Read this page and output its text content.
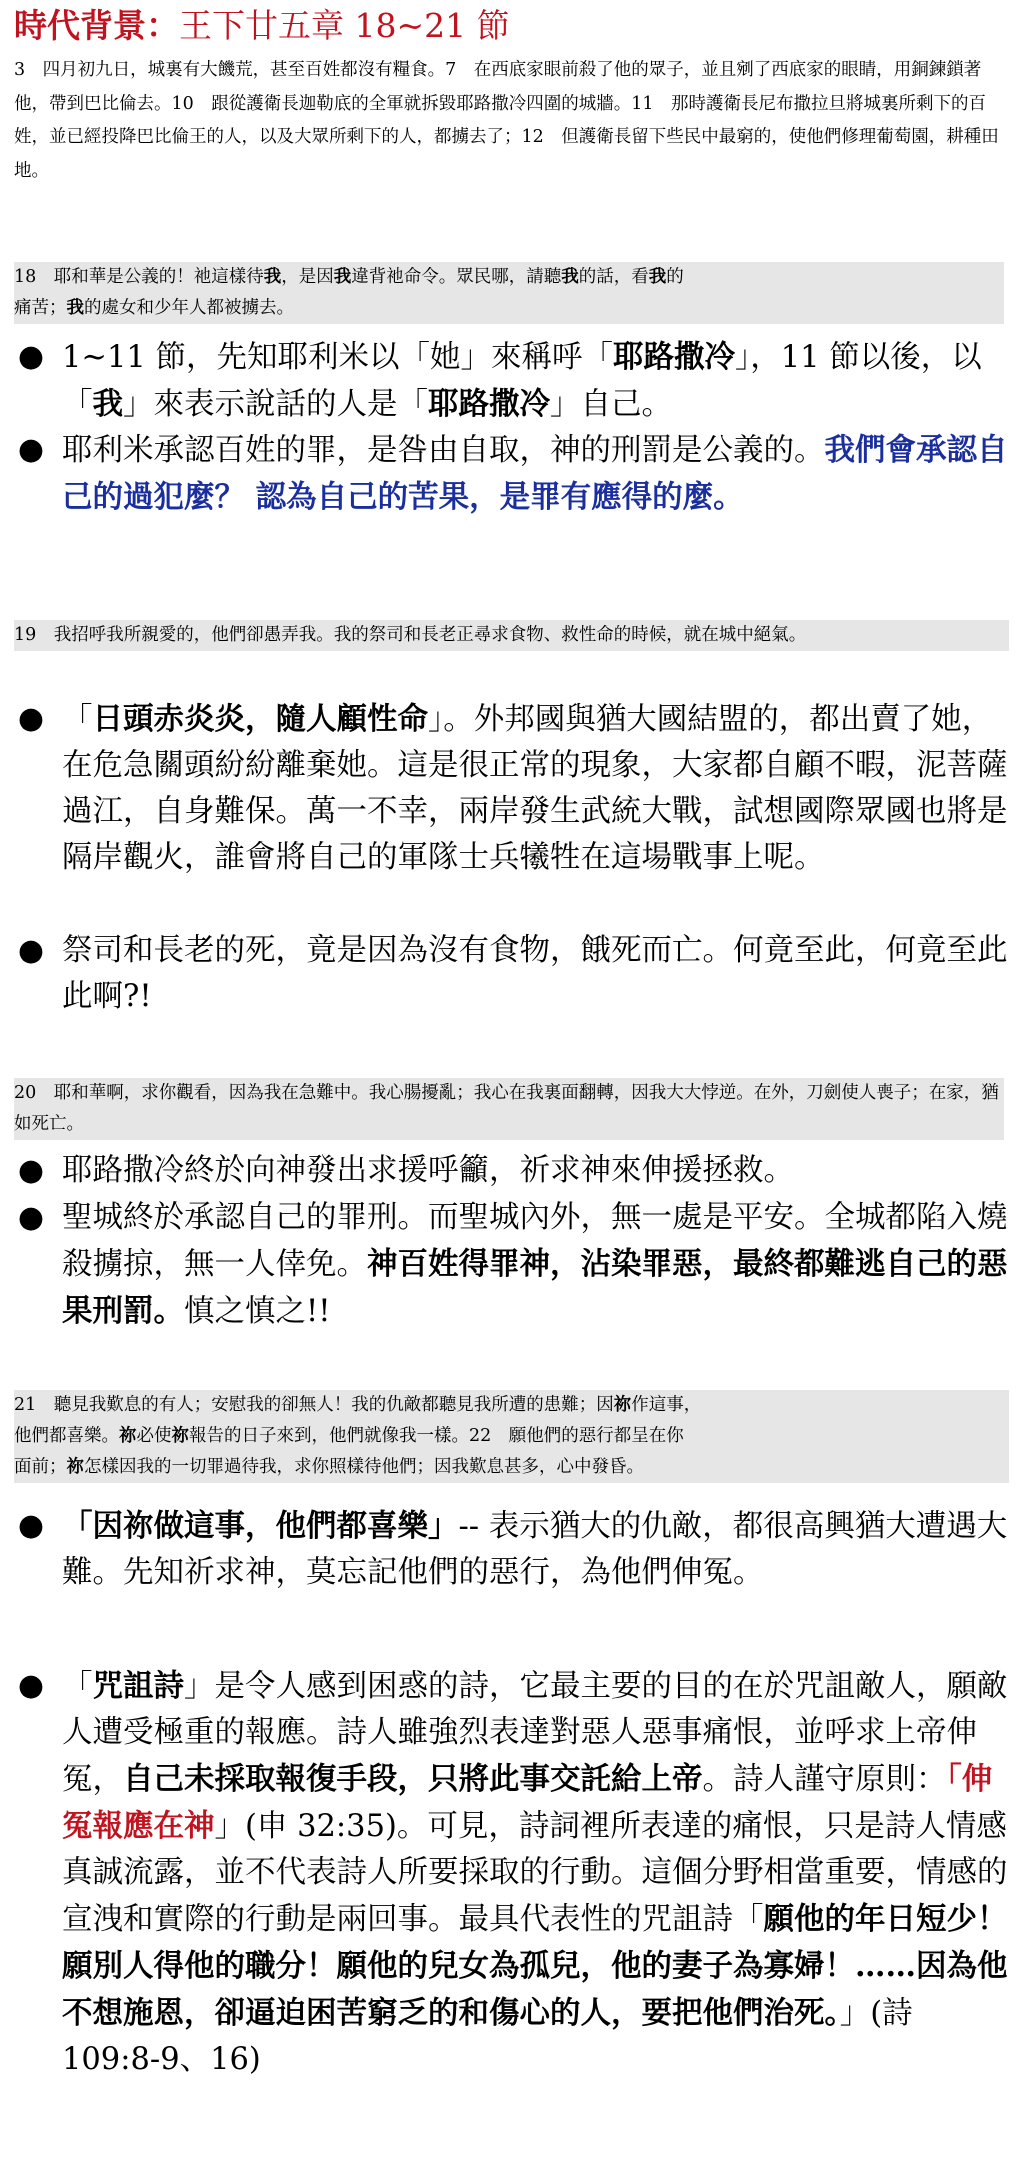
時代背景：王下廿五章 18~21 節
3　四月初九日，城裏有大饑荒，甚至百姓都沒有糧食。7　在西底家眼前殺了他的眾子，並且剜了西底家的眼睛，用銅鍊鎖著他，帶到巴比倫去。10　跟從護衛長迦勒底的全軍就拆毀耶路撒冷四圍的城牆。11　那時護衛長尼布撒拉旦將城裏所剩下的百姓，並已經投降巴比倫王的人，以及大眾所剩下的人，都擄去了；12　但護衛長留下些民中最窮的，使他們修理葡萄園，耕種田地。
18　耶和華是公義的！祂這樣待我，是因我違背祂命令。眾民哪，請聽我的話，看我的
痛苦；我的處女和少年人都被擄去。
● 1~11 節，先知耶利米以「她」來稱呼「耶路撒冷」，11 節以後，以「我」來表示說話的人是「耶路撒冷」自己。
● 耶利米承認百姓的罪，是咎由自取，神的刑罰是公義的。我們會承認自己的過犯麼？ 認為自己的苦果，是罪有應得的麼。
19　我招呼我所親愛的，他們卻愚弄我。我的祭司和長老正尋求食物、救性命的時候，就在城中絕氣。
● 「日頭赤炎炎，隨人顧性命」。外邦國與猶大國結盟的，都出賣了她，在危急關頭紛紛離棄她。這是很正常的現象，大家都自顧不暇，泥菩薩過江，自身難保。萬一不幸，兩岸發生武統大戰，試想國際眾國也將是隔岸觀火，誰會將自己的軍隊士兵犧牲在這場戰事上呢。
● 祭司和長老的死，竟是因為沒有食物，餓死而亡。何竟至此，何竟至此此啊?!
20　耶和華啊，求你觀看，因為我在急難中。我心腸擾亂；我心在我裏面翻轉，因我大大悖逆。在外，刀劍使人喪子；在家，猶如死亡。
● 耶路撒冷終於向神發出求援呼籲，祈求神來伸援拯救。
● 聖城終於承認自己的罪刑。而聖城內外，無一處是平安。全城都陷入燒殺擄掠，無一人倖免。神百姓得罪神，沾染罪惡，最終都難逃自己的惡果刑罰。慎之慎之!!
21　聽見我歎息的有人；安慰我的卻無人！我的仇敵都聽見我所遭的患難；因祢作這事，
他們都喜樂。祢必使祢報告的日子來到，他們就像我一樣。22　願他們的惡行都呈在你
面前；祢怎樣因我的一切罪過待我，求你照樣待他們；因我歎息甚多，心中發昏。
● 「因祢做這事，他們都喜樂」-- 表示猶大的仇敵，都很高興猶大遭遇大難。先知祈求神，莫忘記他們的惡行，為他們伸冤。
● 「咒詛詩」是令人感到困惑的詩，它最主要的目的在於咒詛敵人，願敵人遭受極重的報應。詩人雖強烈表達對惡人惡事痛恨，並呼求上帝伸冤，自己未採取報復手段，只將此事交託給上帝。詩人謹守原則：「伸冤報應在神」(申 32:35)。可見，詩詞裡所表達的痛恨，只是詩人情感真誠流露，並不代表詩人所要採取的行動。這個分野相當重要，情感的宣洩和實際的行動是兩回事。最具代表性的咒詛詩「願他的年日短少！願別人得他的職分！願他的兒女為孤兒，他的妻子為寡婦！……因為他不想施恩，卻逼迫困苦窮乏的和傷心的人，要把他們治死。」(詩　109:8-9、16)
